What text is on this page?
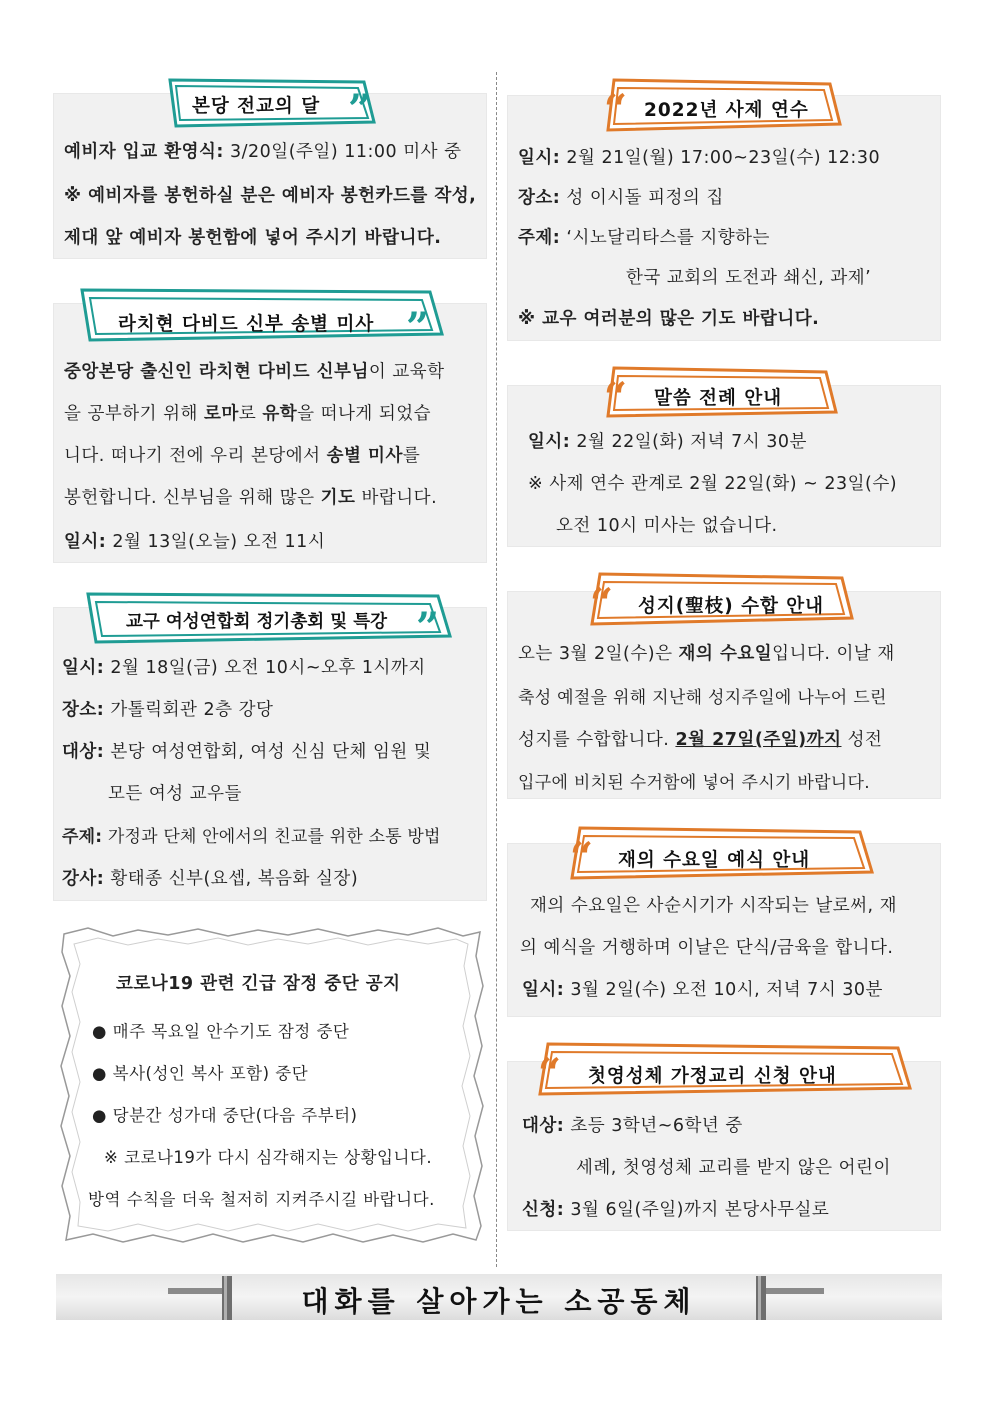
본당 전교의 달 ”
예비자 입교 환영식: 3/20일(주일) 11:00 미사 중
※ 예비자를 봉헌하실 분은 예비자 봉헌카드를 작성,
제대 앞 예비자 봉헌함에 넣어 주시기 바랍니다.
라치현 다비드 신부 송별 미사 ”
중앙본당 출신인 라치현 다비드 신부님이 교육학
을 공부하기 위해 로마로 유학을 떠나게 되었습
니다. 떠나기 전에 우리 본당에서 송별 미사를
봉헌합니다. 신부님을 위해 많은 기도 바랍니다.
일시: 2월 13일(오늘) 오전 11시
교구 여성연합회 정기총회 및 특강 ”
일시: 2월 18일(금) 오전 10시~오후 1시까지
장소: 가톨릭회관 2층 강당
대상: 본당 여성연합회, 여성 신심 단체 임원 및
모든 여성 교우들
주제: 가정과 단체 안에서의 친교를 위한 소통 방법
강사: 황태종 신부(요셉, 복음화 실장)
코로나19 관련 긴급 잠정 중단 공지
● 매주 목요일 안수기도 잠정 중단
● 복사(성인 복사 포함) 중단
● 당분간 성가대 중단(다음 주부터)
※ 코로나19가 다시 심각해지는 상황입니다.
방역 수칙을 더욱 철저히 지켜주시길 바랍니다.
“ 2022년 사제 연수
일시: 2월 21일(월) 17:00~23일(수) 12:30
장소: 성 이시돌 피정의 집
주제: ‘시노달리타스를 지향하는
한국 교회의 도전과 쇄신, 과제’
※ 교우 여러분의 많은 기도 바랍니다.
“ 말씀 전례 안내
일시: 2월 22일(화) 저녁 7시 30분
※ 사제 연수 관계로 2월 22일(화) ~ 23일(수)
오전 10시 미사는 없습니다.
“ 성지(聖枝) 수합 안내
오는 3월 2일(수)은 재의 수요일입니다. 이날 재
축성 예절을 위해 지난해 성지주일에 나누어 드린
성지를 수합합니다. 2월 27일(주일)까지 성전
입구에 비치된 수거함에 넣어 주시기 바랍니다.
“ 재의 수요일 예식 안내
재의 수요일은 사순시기가 시작되는 날로써, 재
의 예식을 거행하며 이날은 단식/금육을 합니다.
일시: 3월 2일(수) 오전 10시, 저녁 7시 30분
“ 첫영성체 가정교리 신청 안내
대상: 초등 3학년~6학년 중
세례, 첫영성체 교리를 받지 않은 어린이
신청: 3월 6일(주일)까지 본당사무실로
대화를 살아가는 소공동체
